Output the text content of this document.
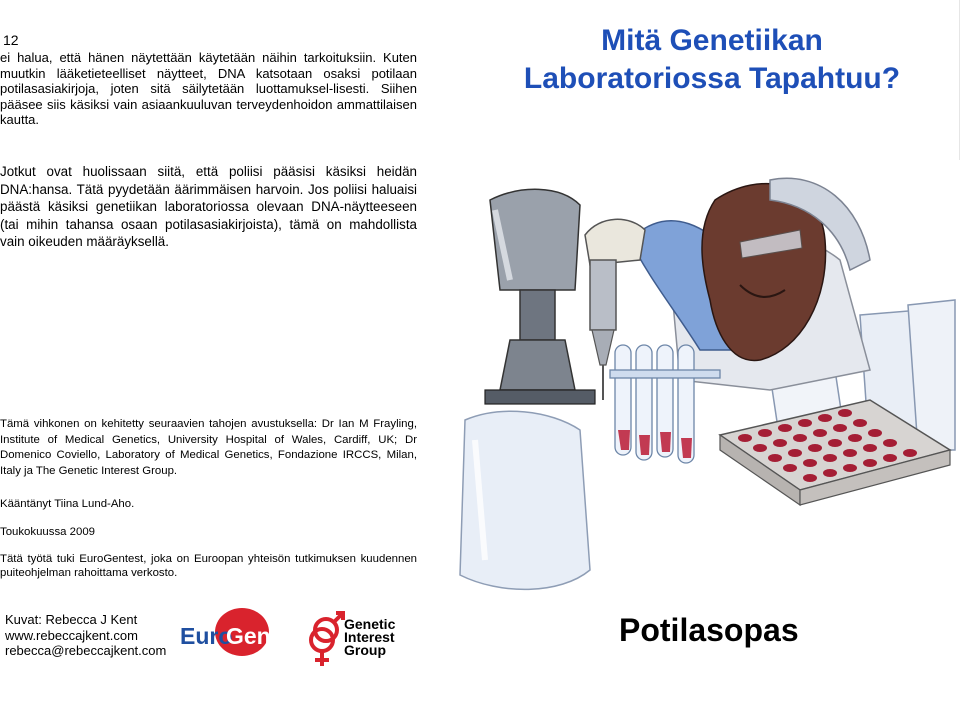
12

ei halua, että hänen näytettään käytetään näihin tarkoituksiin. Kuten muutkin lääketieteelliset näytteet, DNA katsotaan osaksi potilaan potilasasiakirjoja, joten sitä säilytetään luottamuksel-lisesti. Siihen pääsee siis käsiksi vain asiaankuuluvan terveydenhoidon ammattilaisen kautta.

Jotkut ovat huolissaan siitä, että poliisi pääsisi käsiksi heidän DNA:hansa. Tätä pyydetään äärimmäisen harvoin. Jos poliisi haluaisi päästä käsiksi genetiikan laboratoriossa olevaan DNA-näytteeseen (tai mihin tahansa osaan potilasasiakirjoista), tämä on mahdollista vain oikeuden määräyksellä.

Tämä vihkonen on kehitetty seuraavien tahojen avustuksella: Dr Ian M Frayling, Institute of Medical Genetics, University Hospital of Wales, Cardiff, UK; Dr Domenico Coviello, Laboratory of Medical Genetics, Fondazione IRCCS, Milan, Italy ja The Genetic Interest Group.

Kääntänyt Tiina Lund-Aho.
Toukokuussa 2009

Tätä työtä tuki EuroGentest, joka on Euroopan yhteisön tutkimuksen kuudennen puiteohjelman rahoittama verkosto.

Kuvat: Rebecca J Kent
www.rebeccajkent.com
rebecca@rebeccajkent.com
Euro
Gentest Genetic
Interest
Group
Mitä Genetiikan
Laboratoriossa Tapahtuu?
Potilasopas
